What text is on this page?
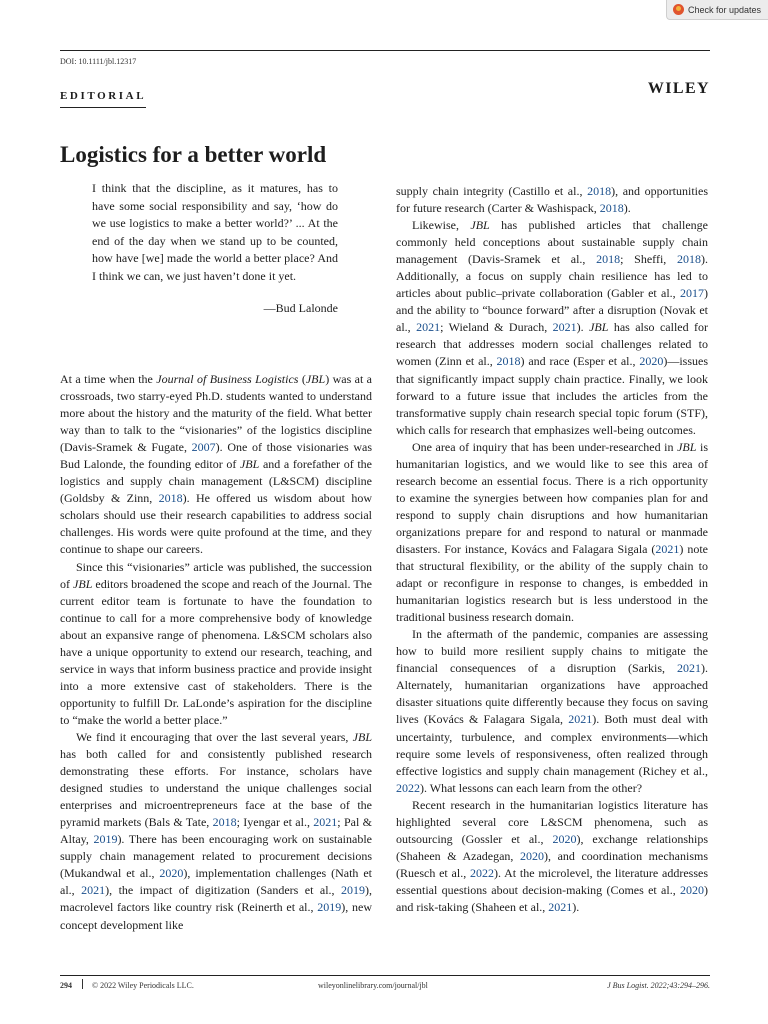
Check for updates
DOI: 10.1111/jbl.12317
EDITORIAL	WILEY
Logistics for a better world

I think that the discipline, as it matures, has to have some social responsibility and say, ‘how do we use logistics to make a better world?’ ... At the end of the day when we stand up to be counted, how have [we] made the world a better place? And I think we can, we just haven’t done it yet.

—Bud Lalonde

At a time when the Journal of Business Logistics (JBL) was at a crossroads, two starry-eyed Ph.D. students wanted to understand more about the history and the maturity of the field. What better way than to talk to the “visionaries” of the logistics discipline (Davis-Sramek & Fugate, 2007). One of those visionaries was Bud Lalonde, the founding editor of JBL and a forefather of the logistics and supply chain management (L&SCM) discipline (Goldsby & Zinn, 2018). He offered us wisdom about how scholars should use their research capabilities to address social challenges. His words were quite profound at the time, and they continue to shape our careers.

Since this “visionaries” article was published, the succession of JBL editors broadened the scope and reach of the Journal. The current editor team is fortunate to have the foundation to continue to call for a more comprehensive body of knowledge about an expansive range of phenomena. L&SCM scholars also have a unique opportunity to extend our research, teaching, and service in ways that inform business practice and provide insight into a more extensive cast of stakeholders. There is the opportunity to fulfill Dr. LaLonde’s aspiration for the discipline to “make the world a better place.”

We find it encouraging that over the last several years, JBL has both called for and consistently published research demonstrating these efforts. For instance, scholars have designed studies to understand the unique challenges social enterprises and microentrepreneurs face at the base of the pyramid markets (Bals & Tate, 2018; Iyengar et al., 2021; Pal & Altay, 2019). There has been encouraging work on sustainable supply chain management related to procurement decisions (Mukandwal et al., 2020), implementation challenges (Nath et al., 2021), the impact of digitization (Sanders et al., 2019), macrolevel factors like country risk (Reinerth et al., 2019), new concept development like

supply chain integrity (Castillo et al., 2018), and opportunities for future research (Carter & Washispack, 2018).

Likewise, JBL has published articles that challenge commonly held conceptions about sustainable supply chain management (Davis-Sramek et al., 2018; Sheffi, 2018). Additionally, a focus on supply chain resilience has led to articles about public–private collaboration (Gabler et al., 2017) and the ability to “bounce forward” after a disruption (Novak et al., 2021; Wieland & Durach, 2021). JBL has also called for research that addresses modern social challenges related to women (Zinn et al., 2018) and race (Esper et al., 2020)—issues that significantly impact supply chain practice. Finally, we look forward to a future issue that includes the articles from the transformative supply chain research special topic forum (STF), which calls for research that emphasizes well-being outcomes.

One area of inquiry that has been under-researched in JBL is humanitarian logistics, and we would like to see this area of research become an essential focus. There is a rich opportunity to examine the synergies between how companies plan for and respond to supply chain disruptions and how humanitarian organizations prepare for and respond to natural or manmade disasters. For instance, Kovács and Falagara Sigala (2021) note that structural flexibility, or the ability of the supply chain to adapt or reconfigure in response to changes, is embedded in humanitarian logistics research but is less understood in the traditional business research domain.

In the aftermath of the pandemic, companies are assessing how to build more resilient supply chains to mitigate the financial consequences of a disruption (Sarkis, 2021). Alternately, humanitarian organizations have approached disaster situations quite differently because they focus on saving lives (Kovács & Falagara Sigala, 2021). Both must deal with uncertainty, turbulence, and complex environments—which require some levels of responsiveness, often realized through effective logistics and supply chain management (Richey et al., 2022). What lessons can each learn from the other?

Recent research in the humanitarian logistics literature has highlighted several core L&SCM phenomena, such as outsourcing (Gossler et al., 2020), exchange relationships (Shaheen & Azadegan, 2020), and coordination mechanisms (Ruesch et al., 2022). At the microlevel, the literature addresses essential questions about decision-making (Comes et al., 2020) and risk-taking (Shaheen et al., 2021).

294	© 2022 Wiley Periodicals LLC.	wileyonlinelibrary.com/journal/jbl	J Bus Logist. 2022;43:294–296.
